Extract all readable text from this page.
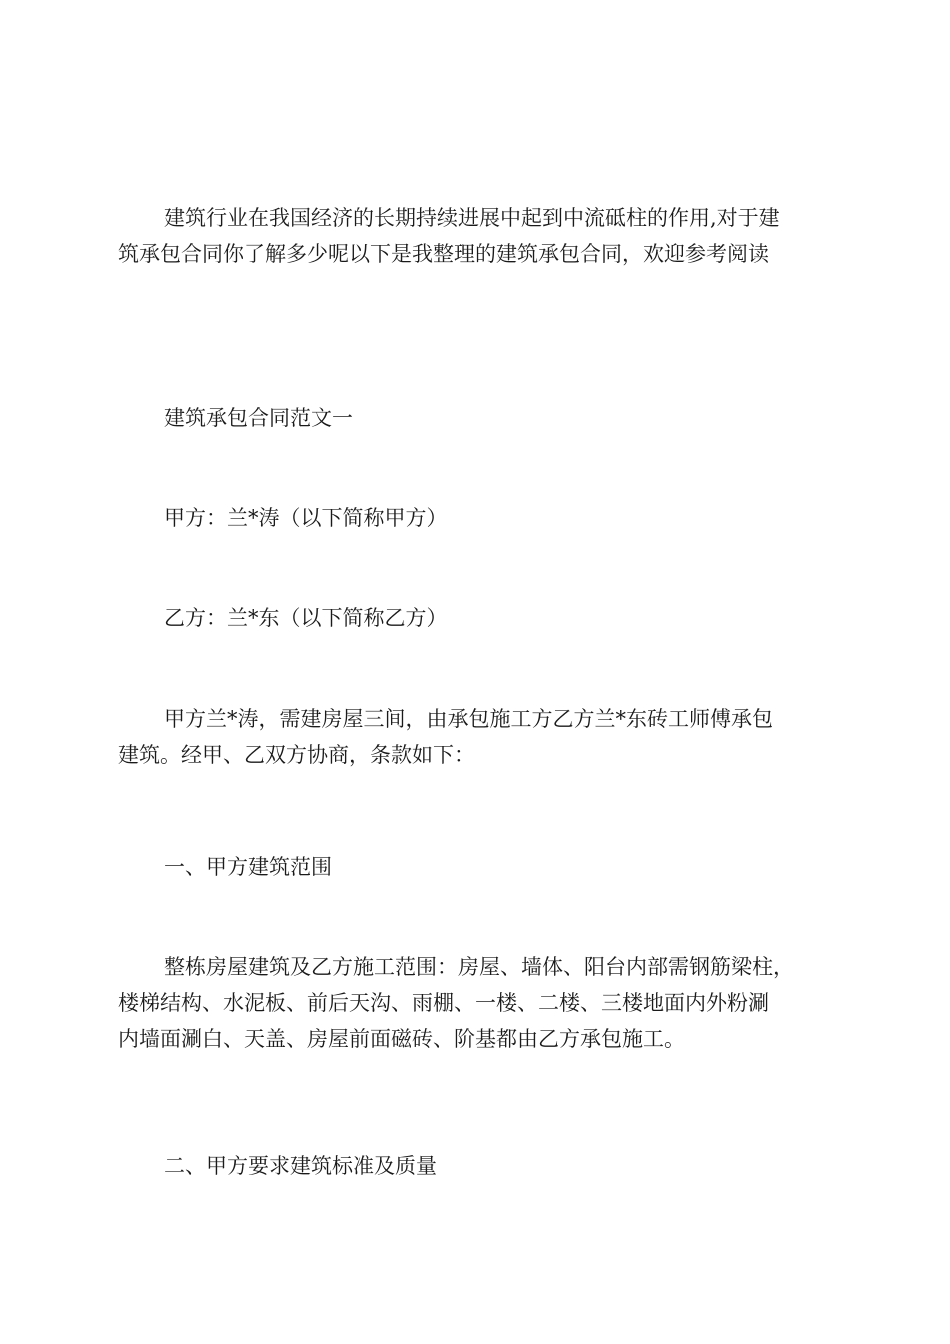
建筑行业在我国经济的长期持续进展中起到中流砥柱的作用,对于建
筑承包合同你了解多少呢以下是我整理的建筑承包合同，欢迎参考阅读
建筑承包合同范文一
甲方：兰*涛（以下简称甲方）
乙方：兰*东（以下简称乙方）
甲方兰*涛，需建房屋三间，由承包施工方乙方兰*东砖工师傅承包
建筑。经甲、乙双方协商，条款如下：
一、甲方建筑范围
整栋房屋建筑及乙方施工范围：房屋、墙体、阳台内部需钢筋梁柱，
楼梯结构、水泥板、前后天沟、雨棚、一楼、二楼、三楼地面内外粉涮
内墙面涮白、天盖、房屋前面磁砖、阶基都由乙方承包施工。
二、甲方要求建筑标准及质量
